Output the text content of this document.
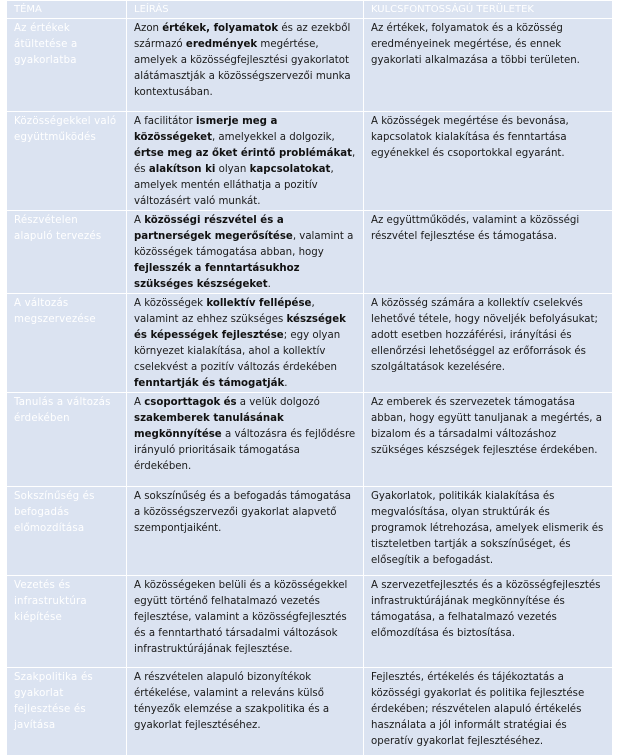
TÉMA	LEÍRÁS	KULCSFONTOSSÁGÚ TERÜLETEK
Az értékek átültetése a gyakorlatba	Azon értékek, folyamatok és az ezekből származó eredmények megértése, amelyek a közösségfejlesztési gyakorlatot alátámasztják a közösségszervezői munka kontextusában.	Az értékek, folyamatok és a közösség eredményeinek megértése, és ennek gyakorlati alkalmazása a többi területen.
Közösségekkel való együttműködés	A facilitátor ismerje meg a közösségeket, amelyekkel a dolgozik, értse meg az őket érintő problémákat, és alakítson ki olyan kapcsolatokat, amelyek mentén elláthatja a pozitív változásért való munkát.	A közösségek megértése és bevonása, kapcsolatok kialakítása és fenntartása egyénekkel és csoportokkal egyaránt.
Részvételen alapuló tervezés	A közösségi részvétel és a partnerségek megerősítése, valamint a közösségek támogatása abban, hogy fejlesszék a fenntartásukhoz szükséges készségeket.	Az együttműködés, valamint a közösségi részvétel fejlesztése és támogatása.
A változás megszervezése	A közösségek kollektív fellépése, valamint az ehhez szükséges készségek és képességek fejlesztése; egy olyan környezet kialakítása, ahol a kollektív cselekvést a pozitív változás érdekében fenntartják és támogatják.	A közösség számára a kollektív cselekvés lehetővé tétele, hogy növeljék befolyásukat; adott esetben hozzáférési, irányítási és ellenőrzési lehetőséggel az erőforrások és szolgáltatások kezelésére.
Tanulás a változás érdekében	A csoporttagok és a velük dolgozó szakemberek tanulásának megkönnyítése a változásra és fejlődésre irányuló prioritásaik támogatása érdekében.	Az emberek és szervezetek támogatása abban, hogy együtt tanuljanak a megértés, a bizalom és a társadalmi változáshoz szükséges készségek fejlesztése érdekében.
Sokszínűség és befogadás előmozdítása	A sokszínűség és a befogadás támogatása a közösségszervezői gyakorlat alapvető szempontjaiként.	Gyakorlatok, politikák kialakítása és megvalósítása, olyan struktúrák és programok létrehozása, amelyek elismerik és tiszteletben tartják a sokszínűséget, és elősegítik a befogadást.
Vezetés és infrastruktúra kiépítése	A közösségeken belüli és a közösségekkel együtt történő felhatalmazó vezetés fejlesztése, valamint a közösségfejlesztés és a fenntartható társadalmi változások infrastruktúrájának fejlesztése.	A szervezetfejlesztés és a közösségfejlesztés infrastruktúrájának megkönnyítése és támogatása, a felhatalmazó vezetés előmozdítása és biztosítása.
Szakpolitika és gyakorlat fejlesztése és javítása	A részvételen alapuló bizonyítékok értékelése, valamint a releváns külső tényezők elemzése a szakpolitika és a gyakorlat fejlesztéséhez.	Fejlesztés, értékelés és tájékoztatás a közösségi gyakorlat és politika fejlesztése érdekében; részvételen alapuló értékelés használata a jól informált stratégiai és operatív gyakorlat fejlesztéséhez.
